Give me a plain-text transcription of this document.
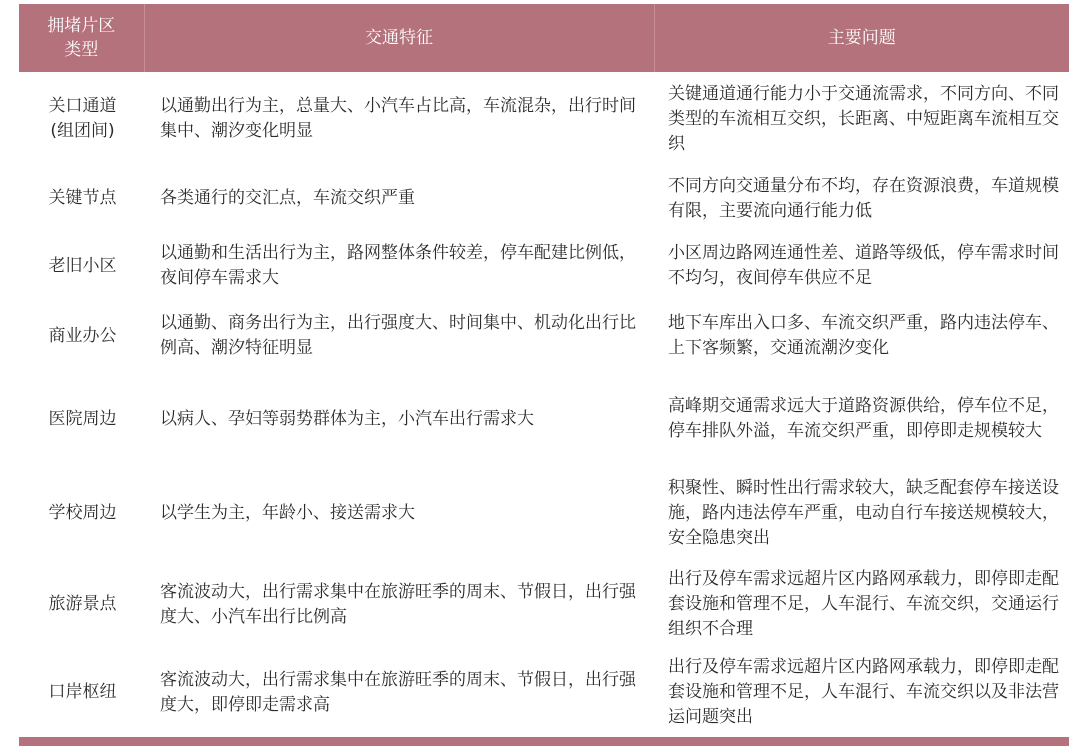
拥堵片区类型	交通特征	主要问题
关口通道(组团间)	以通勤出行为主，总量大、小汽车占比高，车流混杂，出行时间集中、潮汐变化明显	关键通道通行能力小于交通流需求，不同方向、不同类型的车流相互交织，长距离、中短距离车流相互交织
关键节点	各类通行的交汇点，车流交织严重	不同方向交通量分布不均，存在资源浪费，车道规模有限，主要流向通行能力低
老旧小区	以通勤和生活出行为主，路网整体条件较差，停车配建比例低，夜间停车需求大	小区周边路网连通性差、道路等级低，停车需求时间不均匀，夜间停车供应不足
商业办公	以通勤、商务出行为主，出行强度大、时间集中、机动化出行比例高、潮汐特征明显	地下车库出入口多、车流交织严重，路内违法停车、上下客频繁，交通流潮汐变化
医院周边	以病人、孕妇等弱势群体为主，小汽车出行需求大	高峰期交通需求远大于道路资源供给，停车位不足，停车排队外溢，车流交织严重，即停即走规模较大
学校周边	以学生为主，年龄小、接送需求大	积聚性、瞬时性出行需求较大，缺乏配套停车接送设施，路内违法停车严重，电动自行车接送规模较大，安全隐患突出
旅游景点	客流波动大，出行需求集中在旅游旺季的周末、节假日，出行强度大、小汽车出行比例高	出行及停车需求远超片区内路网承载力，即停即走配套设施和管理不足，人车混行、车流交织，交通运行组织不合理
口岸枢纽	客流波动大，出行需求集中在旅游旺季的周末、节假日，出行强度大，即停即走需求高	出行及停车需求远超片区内路网承载力，即停即走配套设施和管理不足，人车混行、车流交织以及非法营运问题突出
